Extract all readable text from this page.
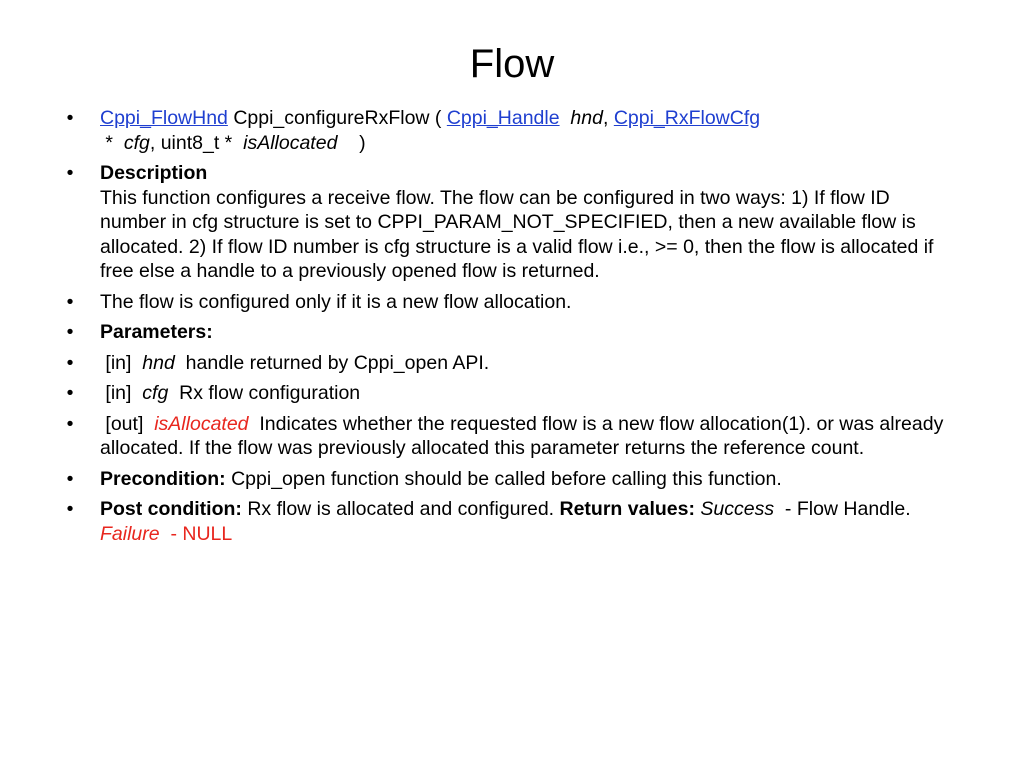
Flow
•	Cppi_FlowHnd Cppi_configureRxFlow ( Cppi_Handle hnd, Cppi_RxFlowCfg *  cfg, uint8_t *  isAllocated    )
•	Description
This function configures a receive flow. The flow can be configured in two ways: 1) If flow ID number in cfg structure is set to CPPI_PARAM_NOT_SPECIFIED, then a new available flow is allocated. 2) If flow ID number is cfg structure is a valid flow i.e., >= 0, then the flow is allocated if free else a handle to a previously opened flow is returned.
•	The flow is configured only if it is a new flow allocation.
•	Parameters:
•	[in] hnd handle returned by Cppi_open API.
•	[in] cfg Rx flow configuration
•	[out] isAllocated Indicates whether the requested flow is a new flow allocation(1). or was already allocated. If the flow was previously allocated this parameter returns the reference count.
•	Precondition: Cppi_open function should be called before calling this function.
•	Post condition: Rx flow is allocated and configured. Return values: Success  - Flow Handle. Failure  - NULL
